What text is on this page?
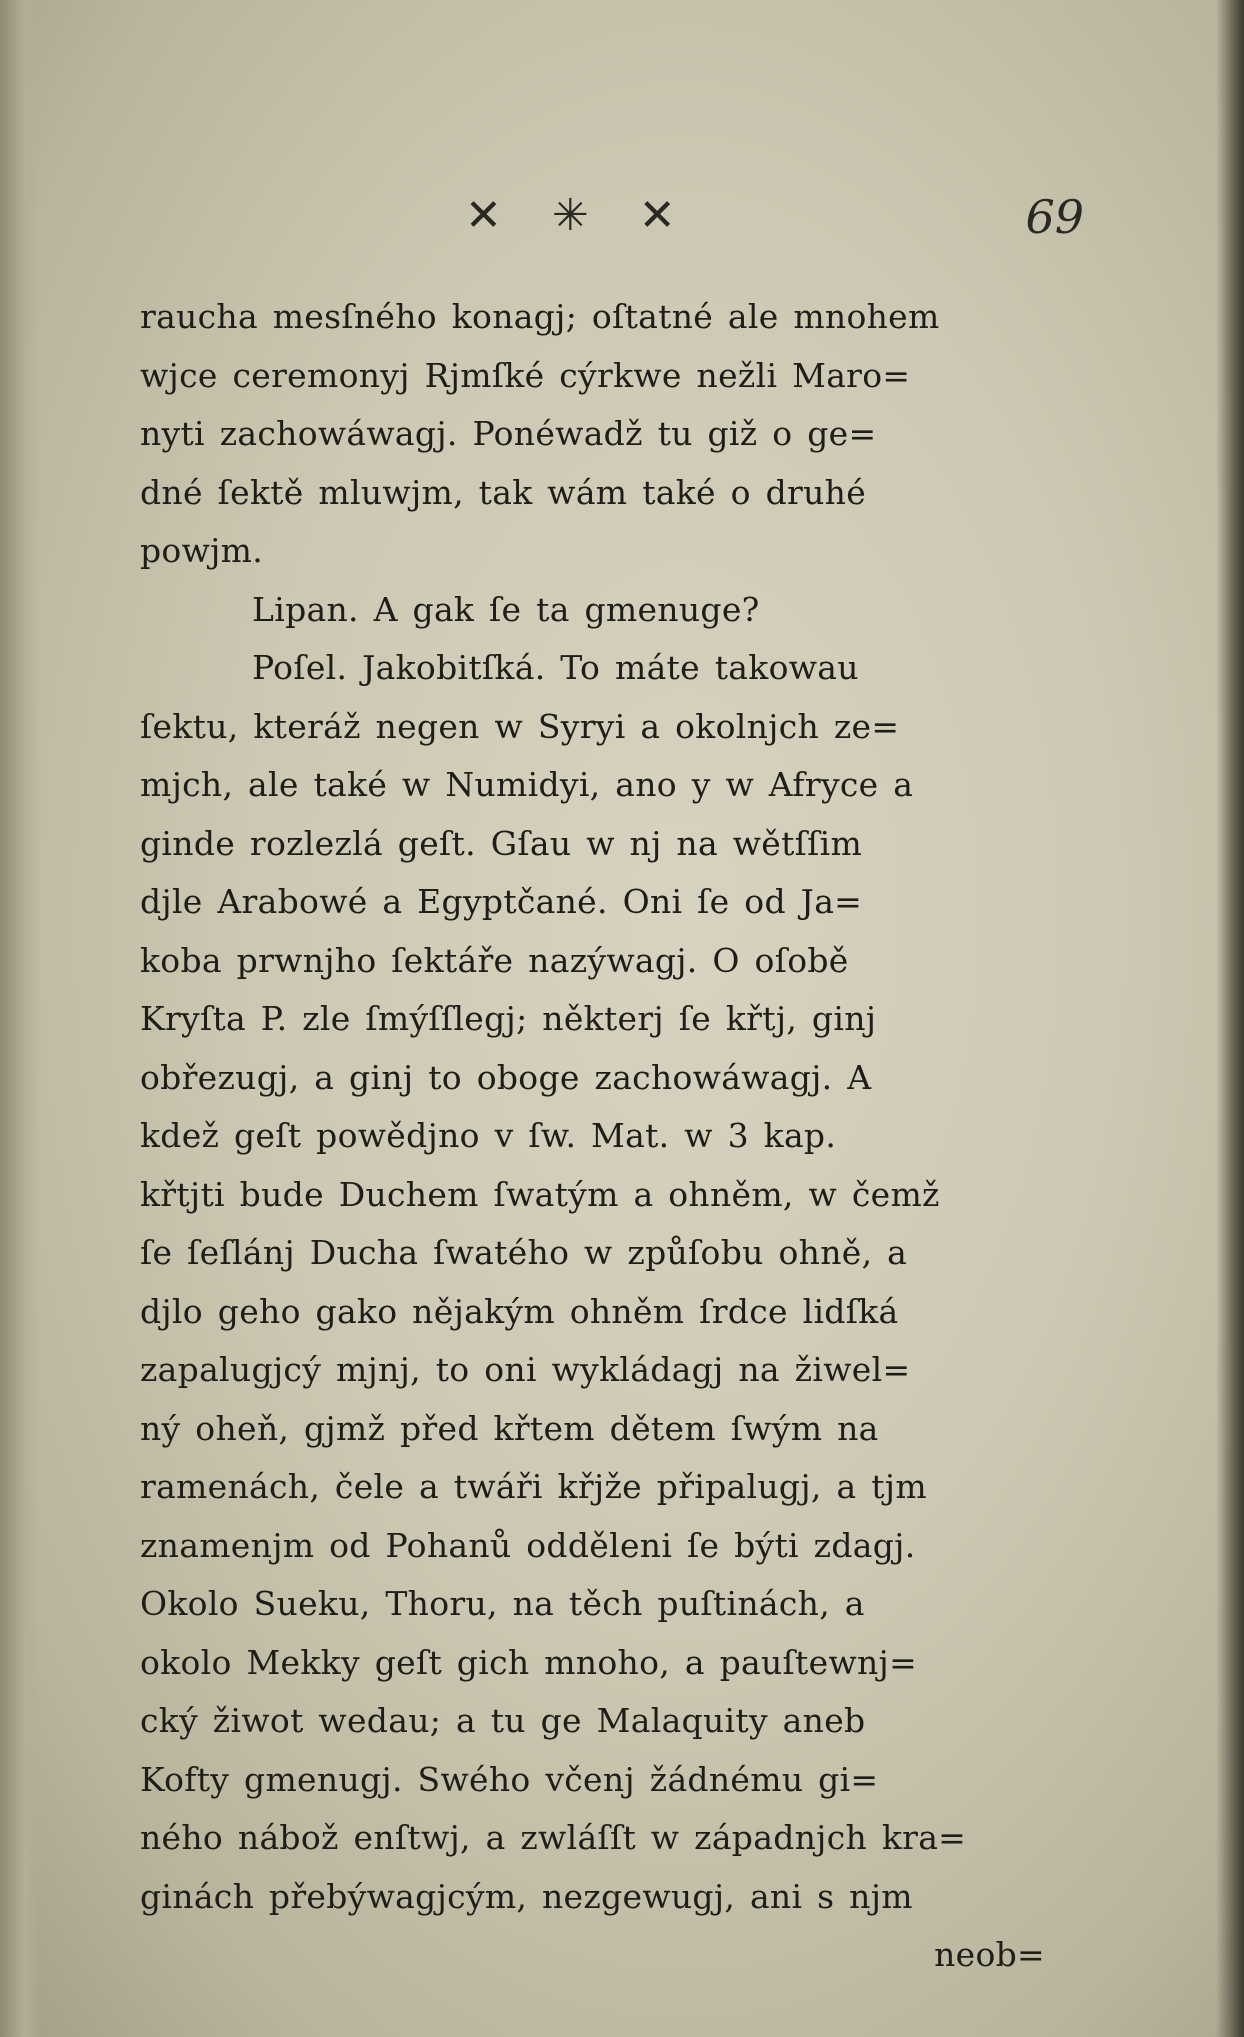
✕ ✳ ✕	69
raucha mesſného konagj; oſtatné ale mnohem
wjce ceremonyj Rjmſké cýrkwe nežli Maro=
nyti zachowáwagj. Ponéwadž tu giž o ge=
dné ſektě mluwjm, tak wám také o druhé
powjm.
Lipan. A gak ſe ta gmenuge?
Poſel. Jakobitſká. To máte takowau
ſektu, kteráž negen w Syryi a okolnjch ze=
mjch, ale také w Numidyi, ano y w Afryce a
ginde rozlezlá geſt. Gſau w nj na wětſſim
djle Arabowé a Egyptčané. Oni ſe od Ja=
koba prwnjho ſektáře nazýwagj. O oſobě
Kryſta P. zle ſmýſſlegj; některj ſe křtj, ginj
obřezugj, a ginj to oboge zachowáwagj. A
kdež geſt powědjno v ſw. Mat. w 3 kap.
křtjti bude Duchem ſwatým a ohněm, w čemž
ſe ſeſlánj Ducha ſwatého w způſobu ohně, a
djlo geho gako nějakým ohněm ſrdce lidſká
zapalugjcý mjnj, to oni wykládagj na žiwel=
ný oheň, gjmž před křtem dětem ſwým na
ramenách, čele a twáři křjže připalugj, a tjm
znamenjm od Pohanů odděleni ſe býti zdagj.
Okolo Sueku, Thoru, na těch puſtinách, a
okolo Mekky geſt gich mnoho, a pauſtewnj=
cký žiwot wedau; a tu ge Malaquity aneb
Kofty gmenugj. Swého včenj žádnému gi=
ného nábož enſtwj, a zwláſſt w západnjch kra=
ginách přebýwagjcým, nezgewugj, ani s njm
neob=
